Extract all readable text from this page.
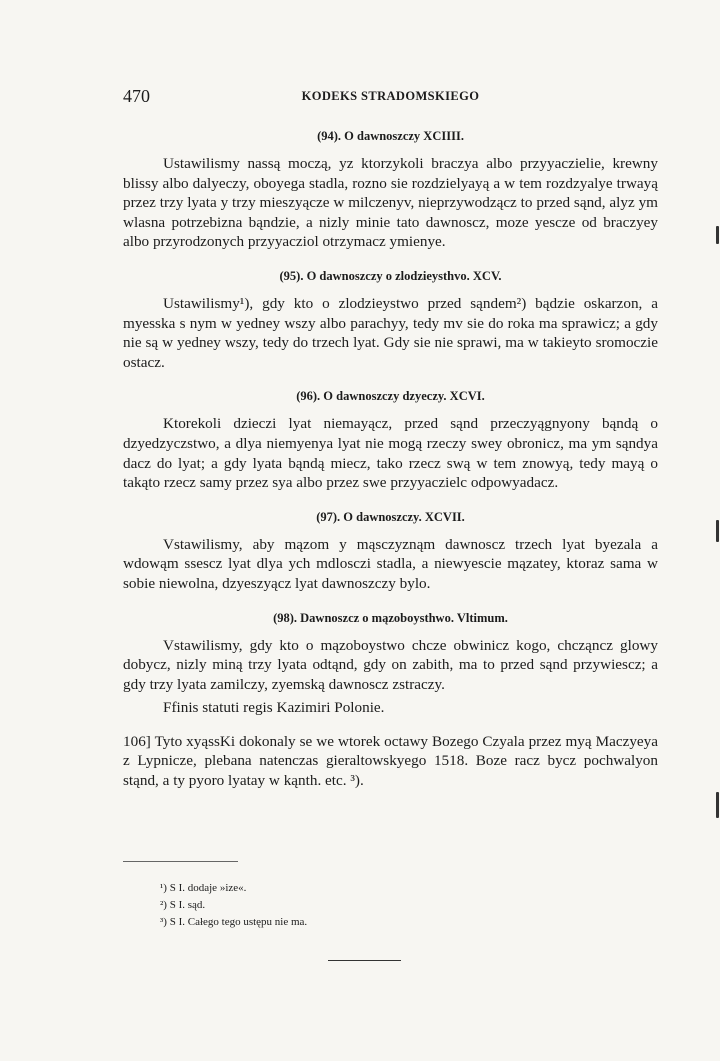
470	KODEKS STRADOMSKIEGO
(94). O dawnoszczy XCIIII.

Ustawilismy nassą moczą, yz ktorzykoli braczya albo przyyaczielie, krewny blissy albo dalyeczy, oboyega stadla, rozno sie rozdzielyayą a w tem rozdzyalye trwayą przez trzy lyata y trzy mieszyącze w milczenyv, nieprzywodzącz to przed sąnd, alyz ym wlasna potrzebizna bąndzie, a nizly minie tato dawnoscz, moze yescze od braczyey albo przyrodzonych przyyacziol otrzymacz ymienye.

(95). O dawnoszczy o zlodzieysthvo. XCV.

Ustawilismy¹), gdy kto o zlodzieystwo przed sąndem²) bądzie oskarzon, a myesska s nym w yedney wszy albo parachyy, tedy mv sie do roka ma sprawicz; a gdy nie są w yedney wszy, tedy do trzech lyat. Gdy sie nie sprawi, ma w takieyto sromoczie ostacz.

(96). O dawnoszczy dzyeczy. XCVI.

Ktorekoli dzieczi lyat niemayącz, przed sąnd przeczyągnyony bąndą o dzyedzyczstwo, a dlya niemyenya lyat nie mogą rzeczy swey obronicz, ma ym sąndya dacz do lyat; a gdy lyata bąndą miecz, tako rzecz swą w tem znowyą, tedy mayą o takąto rzecz samy przez sya albo przez swe przyyaczielc odpowyadacz.

(97). O dawnoszczy. XCVII.

Vstawilismy, aby mązom y mąsczyznąm dawnoscz trzech lyat byezala a wdowąm ssescz lyat dlya ych mdlosczi stadla, a niewyescie mązatey, ktoraz sama w sobie niewolna, dzyeszyącz lyat dawnoszczy bylo.

(98). Dawnoszcz o mązoboysthwo. Vltimum.

Vstawilismy, gdy kto o mązoboystwo chcze obwinicz kogo, chcząncz glowy dobycz, nizly miną trzy lyata odtąnd, gdy on zabith, ma to przed sąnd przywiescz; a gdy trzy lyata zamilczy, zyemską dawnoscz zstraczy.

Ffinis statuti regis Kazimiri Polonie.

106] Tyto xyąssKi dokonaly se we wtorek octawy Bozego Czyala przez myą Maczyeya z Lypnicze, plebana natenczas gieraltowskyego 1518. Boze racz bycz pochwalyon stąnd, a ty pyoro lyatay w kąnth. etc. ³).

¹) S I. dodaje »ize«.

²) S I. sąd.

³) S I. Całego tego ustępu nie ma.
